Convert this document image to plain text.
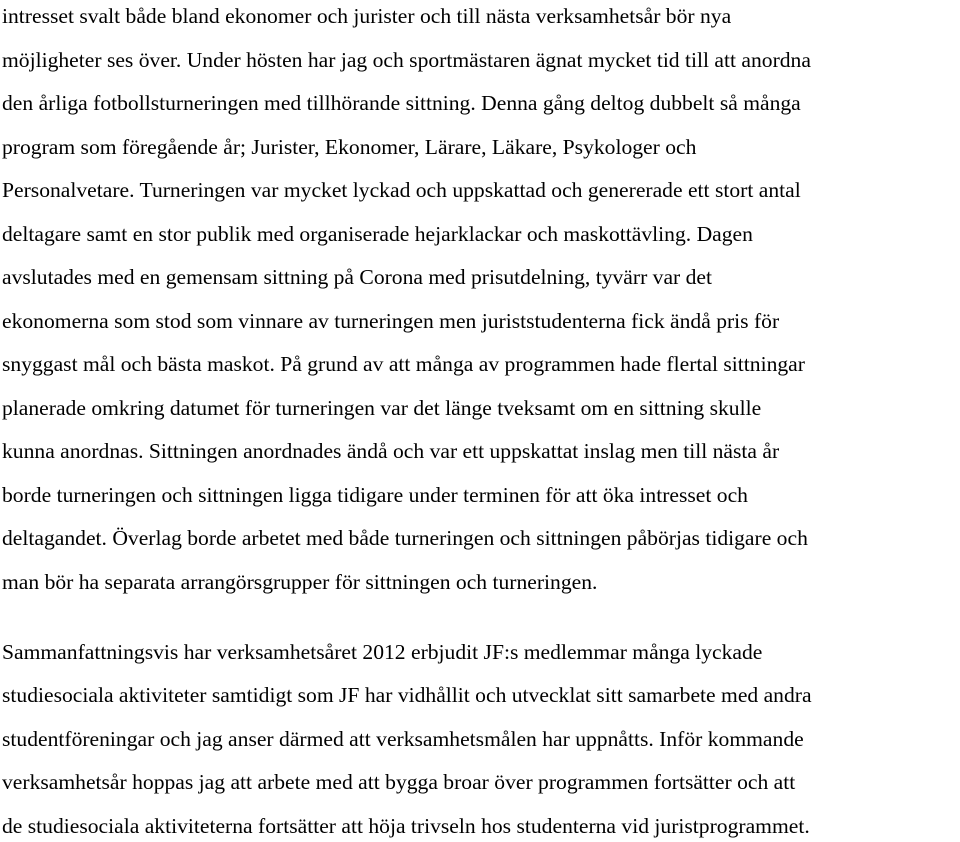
intresset svalt både bland ekonomer och jurister och till nästa verksamhetsår bör nya

möjligheter ses över. Under hösten har jag och sportmästaren ägnat mycket tid till att anordna

den årliga fotbollsturneringen med tillhörande sittning. Denna gång deltog dubbelt så många

program som föregående år; Jurister, Ekonomer, Lärare, Läkare, Psykologer och

Personalvetare. Turneringen var mycket lyckad och uppskattad och genererade ett stort antal

deltagare samt en stor publik med organiserade hejarklackar och maskottävling. Dagen

avslutades med en gemensam sittning på Corona med prisutdelning, tyvärr var det

ekonomerna som stod som vinnare av turneringen men juriststudenterna fick ändå pris för

snyggast mål och bästa maskot. På grund av att många av programmen hade flertal sittningar

planerade omkring datumet för turneringen var det länge tveksamt om en sittning skulle

kunna anordnas. Sittningen anordnades ändå och var ett uppskattat inslag men till nästa år

borde turneringen och sittningen ligga tidigare under terminen för att öka intresset och

deltagandet. Överlag borde arbetet med både turneringen och sittningen påbörjas tidigare och

man bör ha separata arrangörsgrupper för sittningen och turneringen.

Sammanfattningsvis har verksamhetsåret 2012 erbjudit JF:s medlemmar många lyckade

studiesociala aktiviteter samtidigt som JF har vidhållit och utvecklat sitt samarbete med andra

studentföreningar och jag anser därmed att verksamhetsmålen har uppnåtts. Inför kommande

verksamhetsår hoppas jag att arbete med att bygga broar över programmen fortsätter och att

de studiesociala aktiviteterna fortsätter att höja trivseln hos studenterna vid juristprogrammet.
